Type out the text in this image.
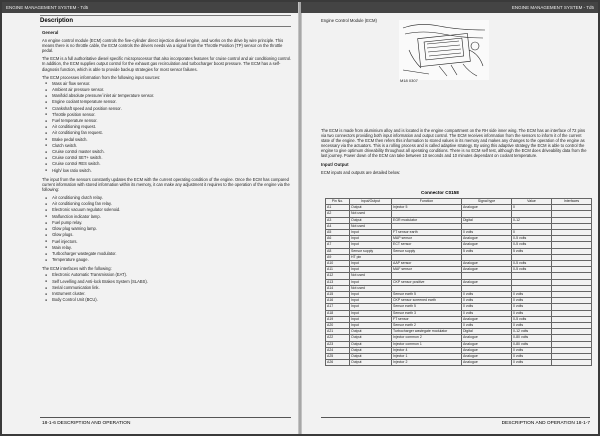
ENGINE MANAGEMENT SYSTEM - Td5
Description

General

An engine control module (ECM) controls the five-cylinder direct injection diesel engine, and works on the drive by wire principle. This means there is no throttle cable, the ECM controls the drivers needs via a signal from the Throttle Position (TP) sensor on the throttle pedal.

The ECM is a full authoritative diesel specific microprocessor that also incorporates features for cruise control and air conditioning control. In addition, the ECM supplies output control for the exhaust gas recirculation and turbocharger boost pressure. The ECM has a self-diagnosis function, which is able to provide backup strategies for most sensor failures.

The ECM processes information from the following input sources:

● Mass air flow sensor.
● Ambient air pressure sensor.
● Manifold absolute pressure/ inlet air temperature sensor.
● Engine coolant temperature sensor.
● Crankshaft speed and position sensor.
● Throttle position sensor.
● Fuel temperature sensor.
● Air conditioning request.
● Air conditioning fan request.
● Brake pedal switch.
● Clutch switch.
● Cruise control master switch.
● Cruise control SET+ switch.
● Cruise control RES switch.
● High/ low ratio switch.

The input from the sensors constantly updates the ECM with the current operating condition of the engine. Once the ECM has compared current information with stored information within its memory, it can make any adjustment it requires to the operation of the engine via the following:

● Air conditioning clutch relay.
● Air conditioning cooling fan relay.
● Electronic vacuum regulator solenoid.
● Malfunction indicator lamp.
● Fuel pump relay.
● Glow plug warning lamp.
● Glow plugs.
● Fuel injectors.
● Main relay.
● Turbocharger wastegate modulator.
● Temperature gauge.

The ECM interfaces with the following:

● Electronic Automatic Transmission (EAT).
● Self Levelling and Anti-lock Brakes System (SLABS).
● Serial communication link.
● Instrument cluster.
● Body Control Unit (BCU).
18-1-6 DESCRIPTION AND OPERATION
ENGINE MANAGEMENT SYSTEM - Td5
Engine Control Module (ECM)
M18 0307

The ECM is made from aluminium alloy and is located in the engine compartment on the RH side inner wing. The ECM has an interface of 72 pins via two connectors providing both input information and output control. The ECM receives information from the sensors to inform it of the current state of the engine. The ECM then refers this information to stored values in its memory and makes any changes to the operation of the engine as necessary via the actuators. This is a rolling process and is called adaptive strategy. By using this adaptive strategy the ECM is able to control the engine to give optimum driveability throughout all operating conditions. There is no ECM self test, although the ECM does driveability data from the last journey. Power down of the ECM can take between 10 seconds and 10 minutes dependant on coolant temperature.

Input/ Output

ECM inputs and outputs are detailed below:

Connector C0158
Pin No.	Input/Output	Function	Signal type	Value	Interfaces
A1	Output	Injector 5	Analogue	0	
A2	Not used				
A3	Output	EGR modulator	Digital	0-12	
A4	Not used				
A5	Input	FT sensor earth	0 volts	0	
A6	Input	MAP sensor	Analogue	0-5 volts	
A7	Input	ECT sensor	Analogue	0-5 volts	
A8	Sensor supply	Sensor supply	5 volts	5 volts	
A9	HT pin				
A10	Input	AAP sensor	Analogue	0-5 volts	
A11	Input	MAF sensor	Analogue	0-5 volts	
A12	Not used				
A13	Input	CKP sensor positive	Analogue		
A14	Not used				
A15	Input	Sensor earth 5	0 volts	0 volts	
A16	Input	CKP sensor screened earth	0 volts	0 volts	
A17	Input	Sensor earth 5	0 volts	0 volts	
A18	Input	Sensor earth 3	0 volts	0 volts	
A19	Input	FT sensor	Analogue	0-5 volts	
A20	Input	Sensor earth 2	0 volts	0 volts	
A21	Output	Turbocharger wastegate modulator	Digital	0-12 volts	
A22	Output	Injector common 2	Analogue	0-80 volts	
A23	Output	Injector common 1	Analogue	0-80 volts	
A24	Output	Injector 4	Analogue	0 volts	
A25	Output	Injector 1	Analogue	0 volts	
A26	Output	Injector 2	Analogue	0 volts	
DESCRIPTION AND OPERATION 18-1-7
